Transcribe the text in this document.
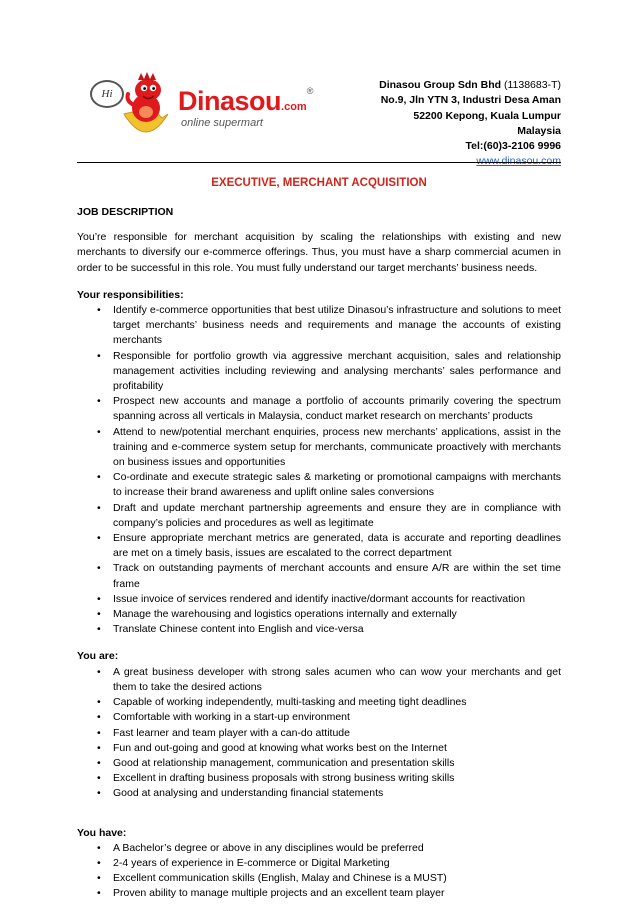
Hi	Dinasou.com®
online supermart
Dinasou Group Sdn Bhd (1138683-T)
No.9, Jln YTN 3, Industri Desa Aman
52200 Kepong, Kuala Lumpur
Malaysia
Tel:(60)3-2106 9996
www.dinasou.com
EXECUTIVE, MERCHANT ACQUISITION

JOB DESCRIPTION

You’re responsible for merchant acquisition by scaling the relationships with existing and new merchants to diversify our e-commerce offerings. Thus, you must have a sharp commercial acumen in order to be successful in this role. You must fully understand our target merchants’ business needs.

Your responsibilities:

• Identify e-commerce opportunities that best utilize Dinasou’s infrastructure and solutions to meet target merchants’ business needs and requirements and manage the accounts of existing merchants
• Responsible for portfolio growth via aggressive merchant acquisition, sales and relationship management activities including reviewing and analysing merchants’ sales performance and profitability
• Prospect new accounts and manage a portfolio of accounts primarily covering the spectrum spanning across all verticals in Malaysia, conduct market research on merchants’ products
• Attend to new/potential merchant enquiries, process new merchants’ applications, assist in the training and e-commerce system setup for merchants, communicate proactively with merchants on business issues and opportunities
• Co-ordinate and execute strategic sales & marketing or promotional campaigns with merchants to increase their brand awareness and uplift online sales conversions
• Draft and update merchant partnership agreements and ensure they are in compliance with company’s policies and procedures as well as legitimate
• Ensure appropriate merchant metrics are generated, data is accurate and reporting deadlines are met on a timely basis, issues are escalated to the correct department
• Track on outstanding payments of merchant accounts and ensure A/R are within the set time frame
• Issue invoice of services rendered and identify inactive/dormant accounts for reactivation
• Manage the warehousing and logistics operations internally and externally
• Translate Chinese content into English and vice-versa

You are:

• A great business developer with strong sales acumen who can wow your merchants and get them to take the desired actions
• Capable of working independently, multi-tasking and meeting tight deadlines
• Comfortable with working in a start-up environment
• Fast learner and team player with a can-do attitude
• Fun and out-going and good at knowing what works best on the Internet
• Good at relationship management, communication and presentation skills
• Excellent in drafting business proposals with strong business writing skills
• Good at analysing and understanding financial statements

You have:

• A Bachelor’s degree or above in any disciplines would be preferred
• 2-4 years of experience in E-commerce or Digital Marketing
• Excellent communication skills (English, Malay and Chinese is a MUST)
• Proven ability to manage multiple projects and an excellent team player
